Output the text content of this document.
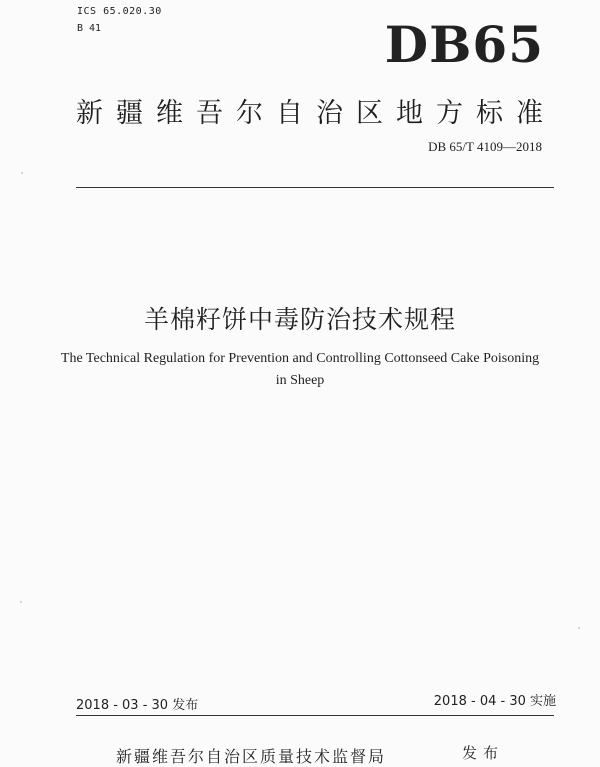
ICS 65.020.30
B 41	DB65
新疆维吾尔自治区地方标准
DB 65/T 4109—2018
羊棉籽饼中毒防治技术规程
The Technical Regulation for Prevention and Controlling Cottonseed Cake Poisoning
in Sheep
2018 - 03 - 30 发布	2018 - 04 - 30 实施
新疆维吾尔自治区质量技术监督局	发布
